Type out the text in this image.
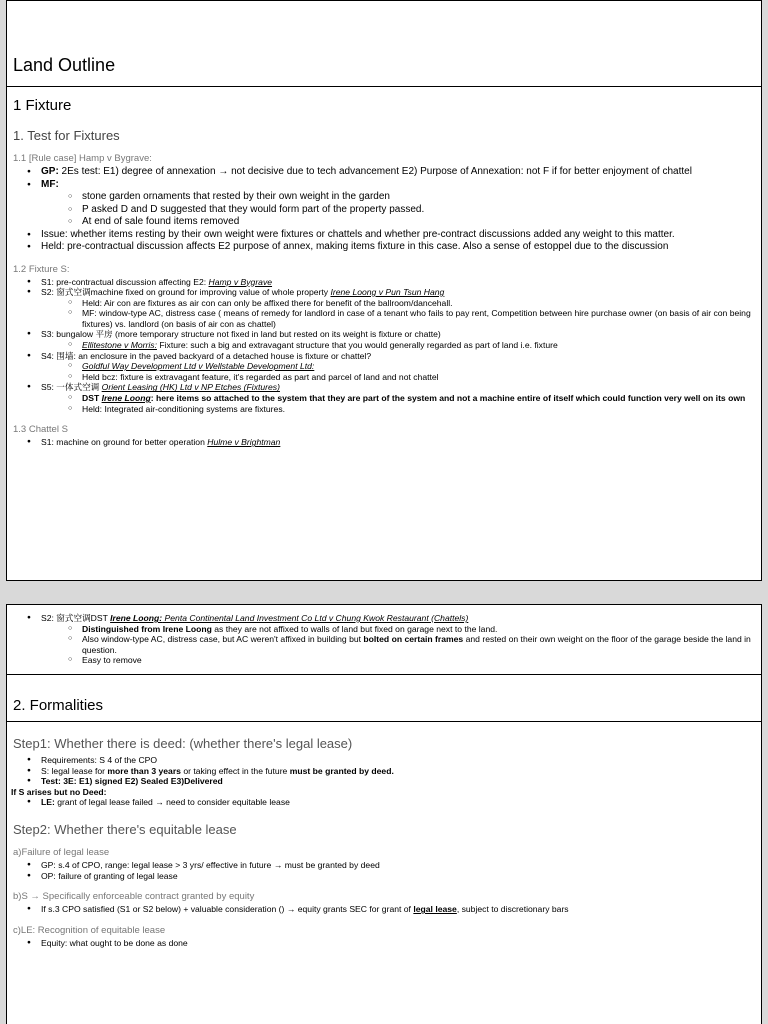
Land Outline
1 Fixture
1. Test for Fixtures
1.1 [Rule case] Hamp v Bygrave:
● GP: 2Es test: E1) degree of annexation → not decisive due to tech advancement E2) Purpose of Annexation: not F if for better enjoyment of chattel
● MF:
○ stone garden ornaments that rested by their own weight in the garden
○ P asked D and D suggested that they would form part of the property passed.
○ At end of sale found items removed
● Issue: whether items resting by their own weight were fixtures or chattels and whether pre-contract discussions added any weight to this matter.
● Held: pre-contractual discussion affects E2 purpose of annex, making items fixture in this case. Also a sense of estoppel due to the discussion
1.2 Fixture S:
● S1: pre-contractual discussion affecting E2: Hamp v Bygrave
● S2: 窗式空调machine fixed on ground for improving value of whole property Irene Loong v Pun Tsun Hang
○ Held: Air con are fixtures as air con can only be affixed there for benefit of the ballroom/dancehall.
○ MF: window-type AC, distress case ( means of remedy for landlord in case of a tenant who fails to pay rent, Competition between hire purchase owner (on basis of air con being fixtures) vs. landlord (on basis of air con as chattel)
● S3: bungalow 平房 (more temporary structure not fixed in land but rested on its weight is fixture or chatte)
○ Ellitestone v Morris: Fixture: such a big and extravagant structure that you would generally regarded as part of land i.e. fixture
● S4: 围墙: an enclosure in the paved backyard of a detached house is fixture or chattel?
○ Goldful Way Development Ltd v Wellstable Development Ltd:
○ Held bcz: fixture is extravagant feature, it's regarded as part and parcel of land and not chattel
● S5: 一体式空调 Orient Leasing (HK) Ltd v NP Etches (Fixtures)
○ DST Irene Loong: here items so attached to the system that they are part of the system and not a machine entire of itself which could function very well on its own
○ Held: Integrated air-conditioning systems are fixtures.
1.3 Chattel S
● S1: machine on ground for better operation Hulme v Brightman
● S2: 窗式空调DST Irene Loong: Penta Continental Land Investment Co Ltd v Chung Kwok Restaurant (Chattels)
○ Distinguished from Irene Loong as they are not affixed to walls of land but fixed on garage next to the land.
○ Also window-type AC, distress case, but AC weren't affixed in building but bolted on certain frames and rested on their own weight on the floor of the garage beside the land in question.
○ Easy to remove
2. Formalities
Step1: Whether there is deed: (whether there's legal lease)
● Requirements: S 4 of the CPO
● S: legal lease for more than 3 years or taking effect in the future must be granted by deed.
● Test: 3E: E1) signed E2) Sealed E3)Delivered
If S arises but no Deed:
● LE: grant of legal lease failed → need to consider equitable lease
Step2: Whether there's equitable lease
a)Failure of legal lease
● GP: s.4 of CPO, range: legal lease > 3 yrs/ effective in future → must be granted by deed
● OP: failure of granting of legal lease
b)S → Specifically enforceable contract granted by equity
● If s.3 CPO satisfied (S1 or S2 below) + valuable consideration () → equity grants SEC for grant of legal lease, subject to discretionary bars
c)LE: Recognition of equitable lease
● Equity: what ought to be done as done
